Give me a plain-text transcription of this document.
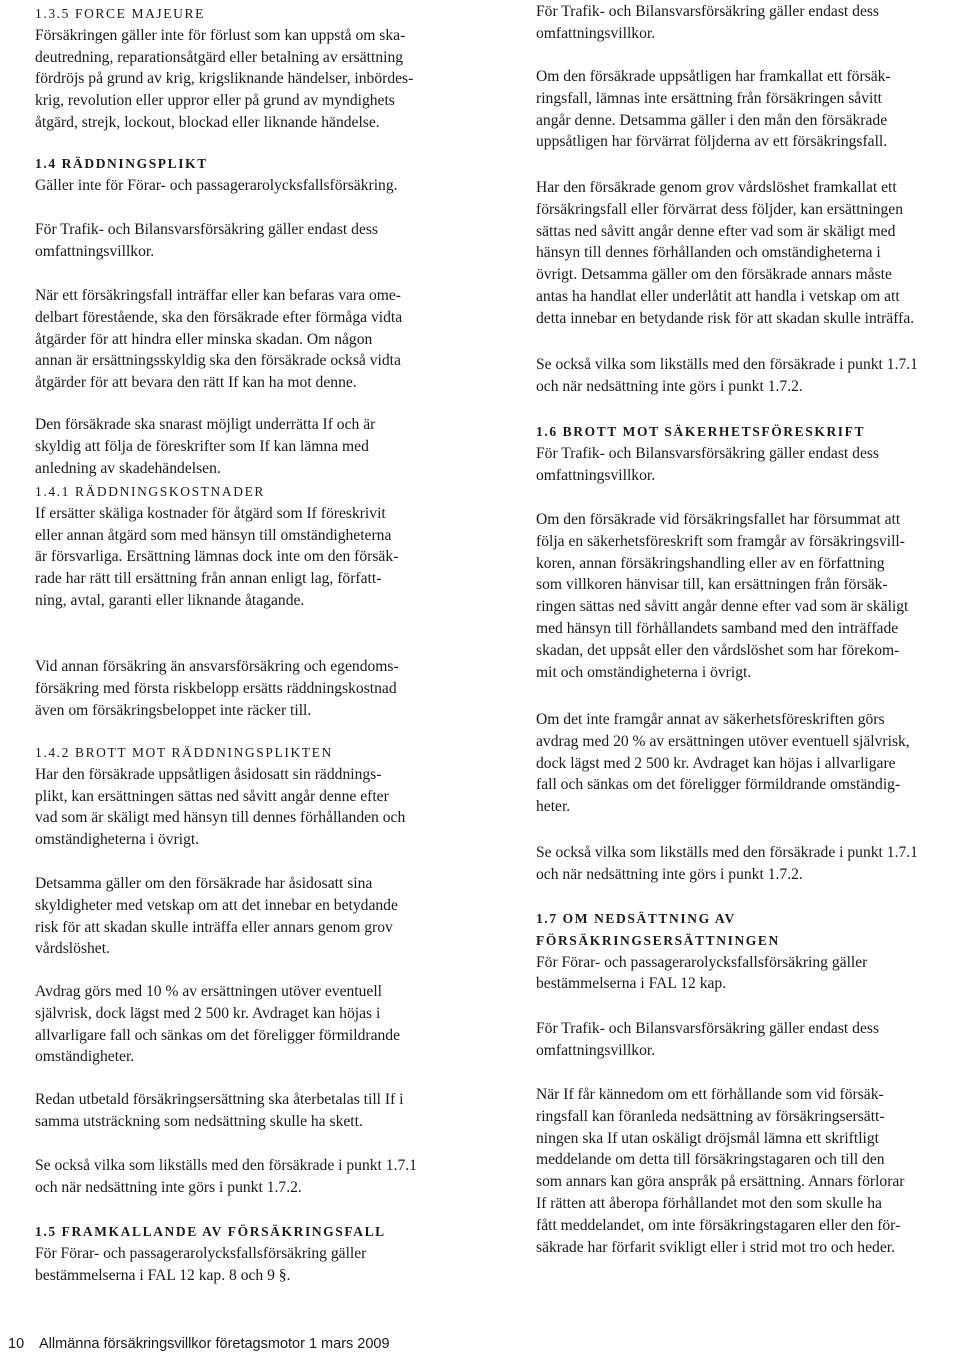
1.3.5 FORCE MAJEURE
Försäkringen gäller inte för förlust som kan uppstå om ska-
deutredning, reparationsåtgärd eller betalning av ersättning
fördröjs på grund av krig, krigsliknande händelser, inbördes-
krig, revolution eller uppror eller på grund av myndighets
åtgärd, strejk, lockout, blockad eller liknande händelse.
1.4 RÄDDNINGSPLIKT
Gäller inte för Förar- och passagerarolycksfallsförsäkring.
För Trafik- och Bilansvarsförsäkring gäller endast dess
omfattningsvillkor.
När ett försäkringsfall inträffar eller kan befaras vara ome-
delbart förestående, ska den försäkrade efter förmåga vidta
åtgärder för att hindra eller minska skadan. Om någon
annan är ersättningsskyldig ska den försäkrade också vidta
åtgärder för att bevara den rätt If kan ha mot denne.
Den försäkrade ska snarast möjligt underrätta If och är
skyldig att följa de föreskrifter som If kan lämna med
anledning av skadehändelsen.
1.4.1 RÄDDNINGSKOSTNADER
If ersätter skäliga kostnader för åtgärd som If föreskrivit
eller annan åtgärd som med hänsyn till omständigheterna
är försvarliga. Ersättning lämnas dock inte om den försäk-
rade har rätt till ersättning från annan enligt lag, författ-
ning, avtal, garanti eller liknande åtagande.
Vid annan försäkring än ansvarsförsäkring och egendoms-
försäkring med första riskbelopp ersätts räddningskostnad
även om försäkringsbeloppet inte räcker till.
1.4.2 BROTT MOT RÄDDNINGSPLIKTEN
Har den försäkrade uppsåtligen åsidosatt sin räddnings-
plikt, kan ersättningen sättas ned såvitt angår denne efter
vad som är skäligt med hänsyn till dennes förhållanden och
omständigheterna i övrigt.
Detsamma gäller om den försäkrade har åsidosatt sina
skyldigheter med vetskap om att det innebar en betydande
risk för att skadan skulle inträffa eller annars genom grov
vårdslöshet.
Avdrag görs med 10 % av ersättningen utöver eventuell
självrisk, dock lägst med 2 500 kr. Avdraget kan höjas i
allvarligare fall och sänkas om det föreligger förmildrande
omständigheter.
Redan utbetald försäkringsersättning ska återbetalas till If i
samma utsträckning som nedsättning skulle ha skett.
Se också vilka som likställs med den försäkrade i punkt 1.7.1
och när nedsättning inte görs i punkt 1.7.2.
1.5 FRAMKALLANDE AV FÖRSÄKRINGSFALL
För Förar- och passagerarolycksfallsförsäkring gäller
bestämmelserna i FAL 12 kap. 8 och 9 §.
För Trafik- och Bilansvarsförsäkring gäller endast dess
omfattningsvillkor.
Om den försäkrade uppsåtligen har framkallat ett försäk-
ringsfall, lämnas inte ersättning från försäkringen såvitt
angår denne. Detsamma gäller i den mån den försäkrade
uppsåtligen har förvärrat följderna av ett försäkringsfall.
Har den försäkrade genom grov vårdslöshet framkallat ett
försäkringsfall eller förvärrat dess följder, kan ersättningen
sättas ned såvitt angår denne efter vad som är skäligt med
hänsyn till dennes förhållanden och omständigheterna i
övrigt. Detsamma gäller om den försäkrade annars måste
antas ha handlat eller underlåtit att handla i vetskap om att
detta innebar en betydande risk för att skadan skulle inträffa.
Se också vilka som likställs med den försäkrade i punkt 1.7.1
och när nedsättning inte görs i punkt 1.7.2.
1.6 BROTT MOT SÄKERHETSFÖRESKRIFT
För Trafik- och Bilansvarsförsäkring gäller endast dess
omfattningsvillkor.
Om den försäkrade vid försäkringsfallet har försummat att
följa en säkerhetsföreskrift som framgår av försäkringsvill-
koren, annan försäkringshandling eller av en författning
som villkoren hänvisar till, kan ersättningen från försäk-
ringen sättas ned såvitt angår denne efter vad som är skäligt
med hänsyn till förhållandets samband med den inträffade
skadan, det uppsåt eller den vårdslöshet som har förekom-
mit och omständigheterna i övrigt.
Om det inte framgår annat av säkerhetsföreskriften görs
avdrag med 20 % av ersättningen utöver eventuell självrisk,
dock lägst med 2 500 kr. Avdraget kan höjas i allvarligare
fall och sänkas om det föreligger förmildrande omständig-
heter.
Se också vilka som likställs med den försäkrade i punkt 1.7.1
och när nedsättning inte görs i punkt 1.7.2.
1.7 OM NEDSÄTTNING AV
FÖRSÄKRINGSERSÄTTNINGEN
För Förar- och passagerarolycksfallsförsäkring gäller
bestämmelserna i FAL 12 kap.
För Trafik- och Bilansvarsförsäkring gäller endast dess
omfattningsvillkor.
När If får kännedom om ett förhållande som vid försäk-
ringsfall kan föranleda nedsättning av försäkringsersätt-
ningen ska If utan oskäligt dröjsmål lämna ett skriftligt
meddelande om detta till försäkringstagaren och till den
som annars kan göra anspråk på ersättning. Annars förlorar
If rätten att åberopa förhållandet mot den som skulle ha
fått meddelandet, om inte försäkringstagaren eller den för-
säkrade har förfarit svikligt eller i strid mot tro och heder.
10 Allmänna försäkringsvillkor företagsmotor 1 mars 2009
